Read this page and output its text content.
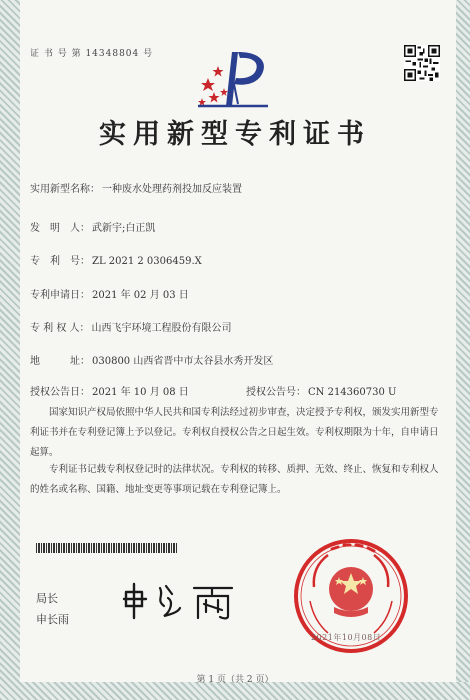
证 书 号 第 14348804 号
实用新型专利证书
实用新型名称： 一种废水处理药剂投加反应装置
发　明　人： 武新宇;白正凯
专　利　号： ZL 2021 2 0306459.X
专利申请日： 2021 年 02 月 03 日
专 利 权 人： 山西飞宇环境工程股份有限公司
地　　　址： 030800 山西省晋中市太谷县水秀开发区
授权公告日： 2021 年 10 月 08 日	授权公告号： CN 214360730 U
国家知识产权局依照中华人民共和国专利法经过初步审查，决定授予专利权，颁发实用新型专利证书并在专利登记簿上予以登记。专利权自授权公告之日起生效。专利权期限为十年，自申请日起算。
专利证书记载专利权登记时的法律状况。专利权的转移、质押、无效、终止、恢复和专利权人的姓名或名称、国籍、地址变更等事项记载在专利登记簿上。
局长
申长雨
2021年10月08日
第 1 页（共 2 页）
